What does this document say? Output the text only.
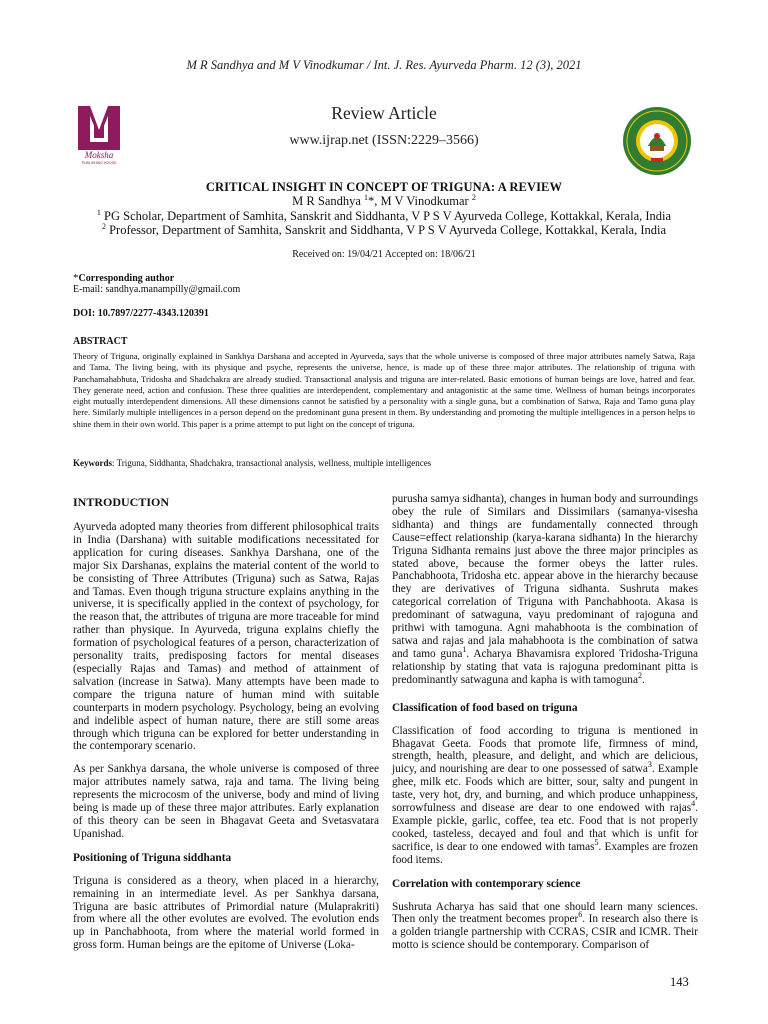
M R Sandhya and M V Vinodkumar / Int. J. Res. Ayurveda Pharm. 12 (3), 2021
Moksha
PUBLISHING HOUSE
Review Article
www.ijrap.net (ISSN:2229–3566)
CRITICAL INSIGHT IN CONCEPT OF TRIGUNA: A REVIEW
M R Sandhya $^1$*, M V Vinodkumar $^2$
$^1$ PG Scholar, Department of Samhita, Sanskrit and Siddhanta, V P S V Ayurveda College, Kottakkal, Kerala, India
$^2$ Professor, Department of Samhita, Sanskrit and Siddhanta, V P S V Ayurveda College, Kottakkal, Kerala, India
Received on: 19/04/21 Accepted on: 18/06/21
*Corresponding author
E-mail: sandhya.manampilly@gmail.com
DOI: 10.7897/2277-4343.120391
ABSTRACT
Theory of Triguna, originally explained in Sankhya Darshana and accepted in Ayurveda, says that the whole universe is composed of three major attributes namely Satwa, Raja and Tama. The living being, with its physique and psyche, represents the universe, hence, is made up of these three major attributes. The relationship of triguna with Panchamahabhuta, Tridosha and Shadchakra are already studied. Transactional analysis and triguna are inter-related. Basic emotions of human beings are love, hatred and fear. They generate need, action and confusion. These three qualities are interdependent, complementary and antagonistic at the same time. Wellness of human beings incorporates eight mutually interdependent dimensions. All these dimensions cannot be satisfied by a personality with a single guna, but a combination of Satwa, Raja and Tamo guna play here. Similarly multiple intelligences in a person depend on the predominant guna present in them. By understanding and promoting the multiple intelligences in a person helps to shine them in their own world. This paper is a prime attempt to put light on the concept of triguna.
Keywords: Triguna, Siddhanta, Shadchakra, transactional analysis, wellness, multiple intelligences
INTRODUCTION

Ayurveda adopted many theories from different philosophical traits in India (Darshana) with suitable modifications necessitated for application for curing diseases. Sankhya Darshana, one of the major Six Darshanas, explains the material content of the world to be consisting of Three Attributes (Triguna) such as Satwa, Rajas and Tamas. Even though triguna structure explains anything in the universe, it is specifically applied in the context of psychology, for the reason that, the attributes of triguna are more traceable for mind rather than physique. In Ayurveda, triguna explains chiefly the formation of psychological features of a person, characterization of personality traits, predisposing factors for mental diseases (especially Rajas and Tamas) and method of attainment of salvation (increase in Satwa). Many attempts have been made to compare the triguna nature of human mind with suitable counterparts in modern psychology. Psychology, being an evolving and indelible aspect of human nature, there are still some areas through which triguna can be explored for better understanding in the contemporary scenario.

As per Sankhya darsana, the whole universe is composed of three major attributes namely satwa, raja and tama. The living being represents the microcosm of the universe, body and mind of living being is made up of these three major attributes. Early explanation of this theory can be seen in Bhagavat Geeta and Svetasvatara Upanishad.

Positioning of Triguna siddhanta

Triguna is considered as a theory, when placed in a hierarchy, remaining in an intermediate level. As per Sankhya darsana, Triguna are basic attributes of Primordial nature (Mulaprakriti) from where all the other evolutes are evolved. The evolution ends up in Panchabhoota, from where the material world formed in gross form. Human beings are the epitome of Universe (Loka-

purusha samya sidhanta), changes in human body and surroundings obey the rule of Similars and Dissimilars (samanya-visesha sidhanta) and things are fundamentally connected through Cause=effect relationship (karya-karana sidhanta) In the hierarchy Triguna Sidhanta remains just above the three major principles as stated above, because the former obeys the latter rules. Panchabhoota, Tridosha etc. appear above in the hierarchy because they are derivatives of Triguna sidhanta. Sushruta makes categorical correlation of Triguna with Panchabhoota. Akasa is predominant of satwaguna, vayu predominant of rajoguna and prithwi with tamoguna. Agni mahabhoota is the combination of satwa and rajas and jala mahabhoota is the combination of satwa and tamo guna$^1$. Acharya Bhavamisra explored Tridosha-Triguna relationship by stating that vata is rajoguna predominant pitta is predominantly satwaguna and kapha is with tamoguna$^2$.

Classification of food based on triguna

Classification of food according to triguna is mentioned in Bhagavat Geeta. Foods that promote life, firmness of mind, strength, health, pleasure, and delight, and which are delicious, juicy, and nourishing are dear to one possessed of satwa$^3$. Example ghee, milk etc. Foods which are bitter, sour, salty and pungent in taste, very hot, dry, and burning, and which produce unhappiness, sorrowfulness and disease are dear to one endowed with rajas$^4$. Example pickle, garlic, coffee, tea etc. Food that is not properly cooked, tasteless, decayed and foul and that which is unfit for sacrifice, is dear to one endowed with tamas$^5$. Examples are frozen food items.

Correlation with contemporary science

Sushruta Acharya has said that one should learn many sciences. Then only the treatment becomes proper$^6$. In research also there is a golden triangle partnership with CCRAS, CSIR and ICMR. Their motto is science should be contemporary. Comparison of

143
